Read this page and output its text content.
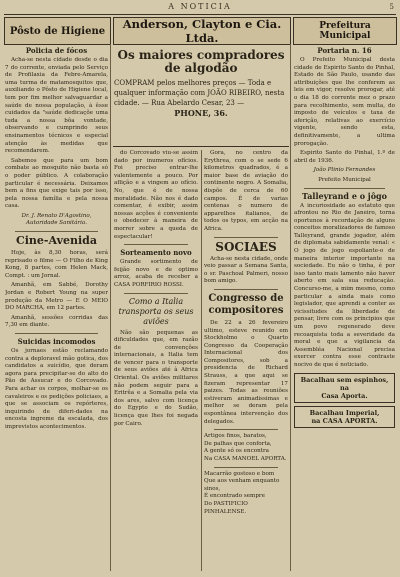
A NOTICIA	5
Pôsto de Higiene	Anderson, Clayton e Cia. Ltda.
Prefeitura Municipal
Policia de fócos

Acha-se nesta cidade desde o dia 7 do corrente, enviada pelo Serviço de Profilaxia da Febre-Amarela, uma turma de matamosquitos que, auxiliando o Pôsto de Higiene local, tem por fim melhor salvaguardar a saúde de nossa população, à êsse cuidados da "saúde dedicaçõe uma tuda a nossa bôa vontade, observando e cumprindo seus ensinamentos técnicos e especial atenção às medidas que recomendarem.

Sabemos que para um bom combate ao mosquito não basta só o poder público. A colaboração particular é necessária. Deixamos bem a fins que exige tais por isso, pela nossa família e pela nossa casa.

Dr. J. Renato D'Agostino, Autoridade Sanitária.

Cine-Avenida

Hoje, às 8,30 horas, será reprisado o filme — O Filho de King Kong, 8 partes, com Helen Mack, Compt. : um Jornal.

Amanhã, em Sabbé, Dorothy Jordan e Robert Young na super produção da Metro — E O MEIO DO MARCHA, em 12 partes.

Amanhã, sessões corridas das 7,30 em diante.

Suicidas incomodos

Os jornaes estão reclamando contra a deploravel mão gotica, dos candidatos a suicídio, que deram agora para precipitar-se do alto do Pão de Assucar e do Corcovado. Para achar os corpos, molhar-se os cavaleiros e os pedições policiaes, a que se associam os repórteres, inquirindo de diferi-dades na encosta ingreme da escalada, dos imprevistos acontecimentos.

Os maiores compradores de algodão

COMPRAM pelos melhores preços — Toda e qualquer informação com JOÃO RIBEIRO, nesta cidade. — Rua Abelardo Cesar, 23 —

PHONE, 36.

do Corcovado viu-se assim dado por inumeros ofícios. Foi preciso entrar-lhe valentemente a pouco. Por aflição e a vingem ao ofício. No, que é de nossa moralidade. Não nos é dado comentar, é exibir, assim nossas acções é conveniente o obedecer à maneira de morrer sobre a queda de espectacular!

Sorteamento novo

Grande sortimento de feijão novo e de optimo arroz, acaba de receber a CASA PORFIRIO ROSSI.

Como a Italia transporta os seus aviões

Não são pequenas as dificuldades que, em razão de convenções internacionais, a Italia tem de vencer para o transporte de seus aviões até à Africa Oriental. Os aviões militares não podem seguir para a Eritrêa e a Somalia pela via dos ares, salvo com licença do Egypto e do Sudão, licença que lhes foi negada por Cairo.

Gora, no centro da Erythrea, com o se sede 6 kilometros quadrados, é a maior base de aviação do continente negro. A Somalia, dispõe de cerca de 60 campos. É de varias centenas o numero de apparelhos italianos, de todos os typos, em acção na Africa.

SOCIAES

Acha-se nesta cidade, onde veio passar a Semana Santa, o sr. Paschoal Palmeri, nosso bom amigo.

Congresso de compositores

De 22 a 26 fevereiro ultimo, esteve reunido em Stockholmo o Quarto Congresso da Cooperação Internacional dos Compositores, sob a presidencia de Richard Strauss, a que aqui se fizeram representar 17 paizes. Todas as reuniões estiveram animadissimas e melhor se deram pela espontânea intervenção dos delegados.

Artigos finos, baratos,
De palhas que conforta,
A gente só os encontra
Na CASA MANOEL APORTA.
Macarrão gostoso e bom
Que aos venham enquanto sinos,
É encontrado sempre
Do PASTIFICIO PINHALENSE.
Portaria n. 16

O Prefeito Municipal desta cidade de Espirito Santo do Pinhal, Estado de São Paulo, usando das attribuições que lhe conferem as leis em vigor, resolve prorogar, até o dia 18 do corrente mez o prazo para recolhimento, sem multa, do imposto de veículos e taxa de aferição, relativas ao exercício vigente, sendo esta, definitivamente, a ultima prorogação.

Espirito Santo do Pinhal, 1.º de abril de 1936.

João Plinio Fernandes

Prefeito Municipal

Talleyrand e o jôgo

A incuriosidade ao estatuto que afrontou no Rio de Janeiro, torna oportunos à recordação de alguns conceitos moralizadores de famoso Talleyrand, grande jogador, além de diplomata sabidamente venal: « O jogo de jogo espoliante-o de maneira interior importante na sociedade. Eu não o tinha, é por isso tanto mais lamento não haver aberto em sala sua reducação. Concurso-me, a mim mesmo, como particular a ainda mais como legislador, que aprendi a conter as vicissitudes da liberdade de pensar, livre com os principios que um povo regenerado deve recoaquista toda a severidade da moral e que a vigilancia da Assembléa Nacional precisa exercer contra esse contraste nocivo de que é noticiado.

Bacalhau sem espinhos, na
Casa Aporta.
Bacalhau Imperial,
na CASA APORTA.
